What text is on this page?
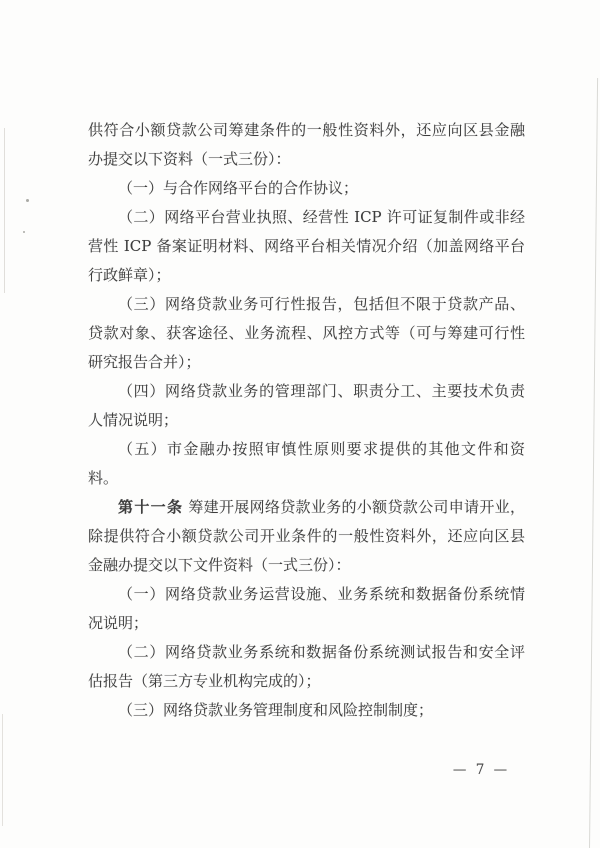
供符合小额贷款公司筹建条件的一般性资料外，还应向区县金融
办提交以下资料（一式三份）：
（一）与合作网络平台的合作协议；
（二）网络平台营业执照、经营性 ICP 许可证复制件或非经
营性 ICP 备案证明材料、网络平台相关情况介绍（加盖网络平台
行政鲜章）；
（三）网络贷款业务可行性报告，包括但不限于贷款产品、
贷款对象、获客途径、业务流程、风控方式等（可与筹建可行性
研究报告合并）；
（四）网络贷款业务的管理部门、职责分工、主要技术负责
人情况说明；
（五）市金融办按照审慎性原则要求提供的其他文件和资
料。
第十一条 筹建开展网络贷款业务的小额贷款公司申请开业，
除提供符合小额贷款公司开业条件的一般性资料外，还应向区县
金融办提交以下文件资料（一式三份）：
（一）网络贷款业务运营设施、业务系统和数据备份系统情
况说明；
（二）网络贷款业务系统和数据备份系统测试报告和安全评
估报告（第三方专业机构完成的）；
（三）网络贷款业务管理制度和风险控制制度；
— 7 —
